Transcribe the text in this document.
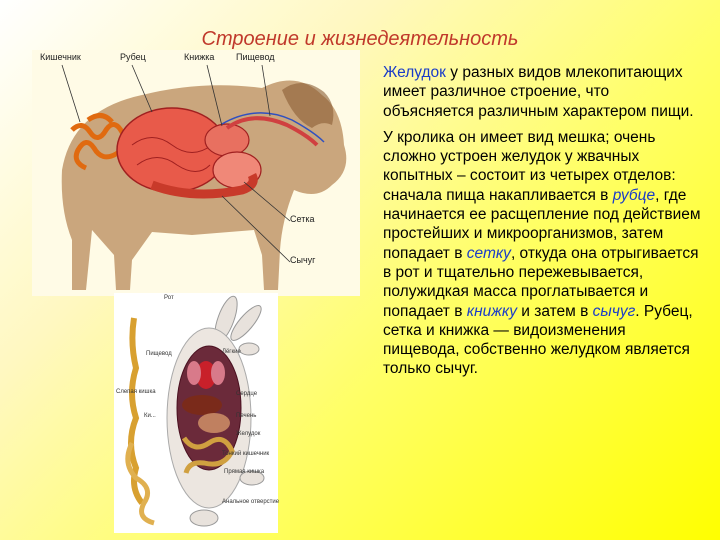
Строение и жизнедеятельность
Кишечник	Рубец	Книжка Пищевод
Сетка
Сычуг
Рот
Пищевод	Лёгкие
Слепая кишка
Ки...
Сердце
Печень
Желудок
Тонкий кишечник
Прямая кишка
Анальное отверстие

Желудок у разных видов млекопитающих имеет различное строение, что объясняется различным характером пищи.

У кролика он имеет вид мешка; очень сложно устроен желудок у жвачных копытных – состоит из четырех отделов: сначала пища накапливается в рубце, где начинается ее расщепление под действием простейших и микроорганизмов, затем попадает в сетку, откуда она отрыгивается в рот и тщательно пережевывается, полужидкая масса проглатывается и попадает в книжку и затем в сычуг. Рубец, сетка и книжка — видоизменения пищевода, собственно желудком является только сычуг.
